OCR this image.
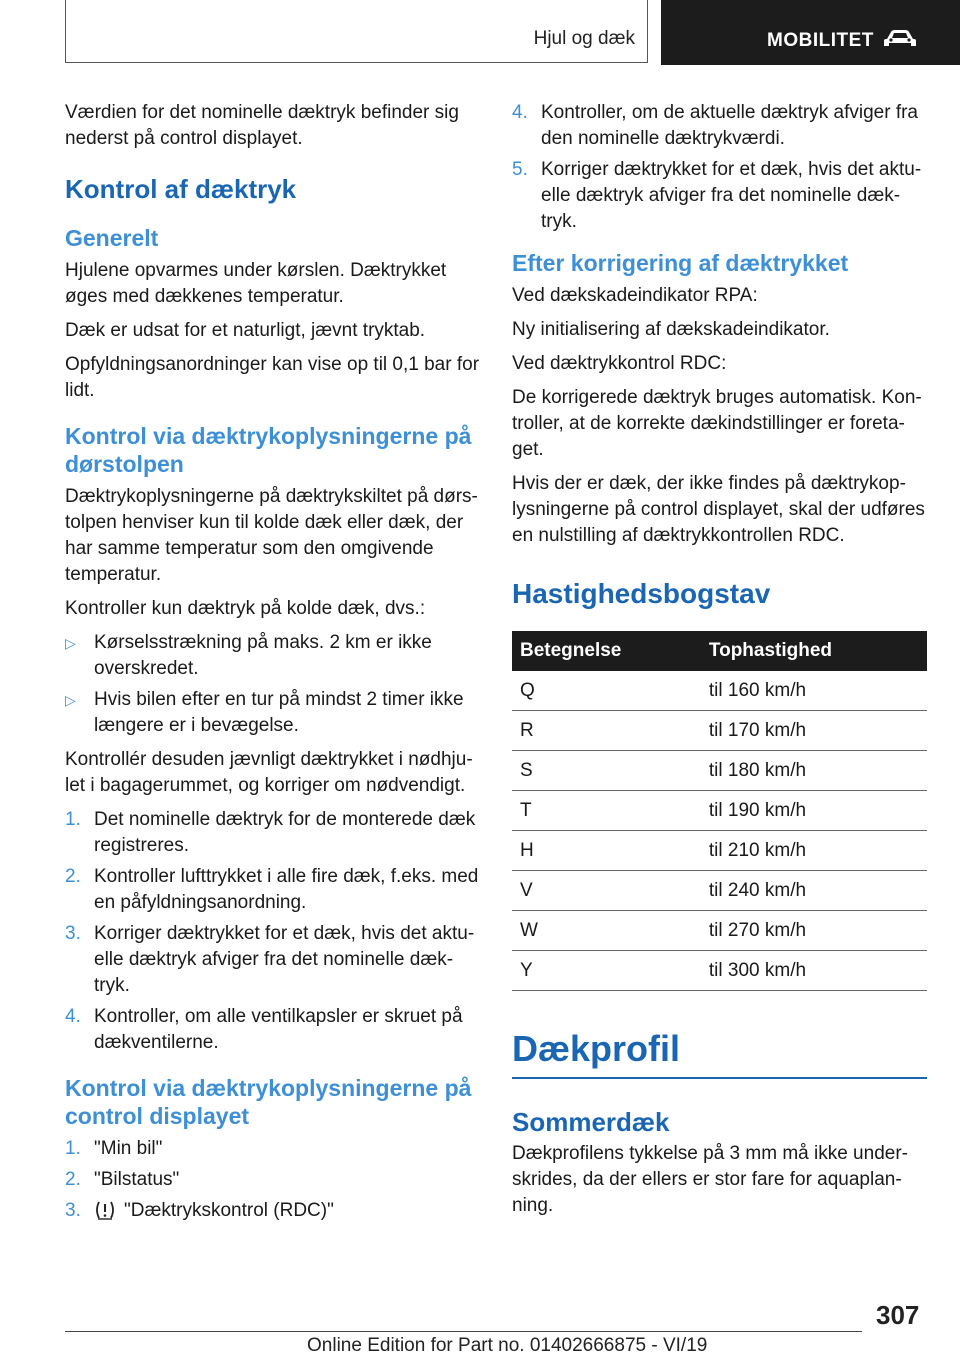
Hjul og dæk	MOBILITET

Værdien for det nominelle dæktryk befinder sig nederst på control displayet.

Kontrol af dæktryk
Generelt

Hjulene opvarmes under kørslen. Dæktrykket øges med dækkenes temperatur.

Dæk er udsat for et naturligt, jævnt tryktab.

Opfyldningsanordninger kan vise op til 0,1 bar for lidt.

Kontrol via dæktrykoplysningerne på dørstolpen

Dæktrykoplysningerne på dæktrykskiltet på dørstolpen henviser kun til kolde dæk eller dæk, der har samme temperatur som den omgivende temperatur.

Kontroller kun dæktryk på kolde dæk, dvs.:

▷ Kørselsstrækning på maks. 2 km er ikke overskredet.
▷ Hvis bilen efter en tur på mindst 2 timer ikke længere er i bevægelse.

Kontrollér desuden jævnligt dæktrykket i nødhjulet i bagagerummet, og korriger om nødvendigt.

1. Det nominelle dæktryk for de monterede dæk registreres.
2. Kontroller lufttrykket i alle fire dæk, f.eks. med en påfyldningsanordning.
3. Korriger dæktrykket for et dæk, hvis det aktuelle dæktryk afviger fra det nominelle dæktryk.
4. Kontroller, om alle ventilkapsler er skruet på dækventilerne.
Kontrol via dæktrykoplysningerne på control displayet
1. "Min bil"
2. "Bilstatus"
3. "Dæktrykskontrol (RDC)"
4. Kontroller, om de aktuelle dæktryk afviger fra den nominelle dæktrykværdi.
5. Korriger dæktrykket for et dæk, hvis det aktuelle dæktryk afviger fra det nominelle dæktryk.
Efter korrigering af dæktrykket

Ved dækskadeindikator RPA:

Ny initialisering af dækskadeindikator.

Ved dæktrykkontrol RDC:

De korrigerede dæktryk bruges automatisk. Kontroller, at de korrekte dækindstillinger er foretaget.

Hvis der er dæk, der ikke findes på dæktrykoplysningerne på control displayet, skal der udføres en nulstilling af dæktrykkontrollen RDC.

Hastighedsbogstav
Betegnelse	Tophastighed
Q	til 160 km/h
R	til 170 km/h
S	til 180 km/h
T	til 190 km/h
H	til 210 km/h
V	til 240 km/h
W	til 270 km/h
Y	til 300 km/h
Dækprofil
Sommerdæk

Dækprofilens tykkelse på 3 mm må ikke underskrides, da der ellers er stor fare for aquaplanning.

307
Online Edition for Part no. 01402666875 - VI/19
